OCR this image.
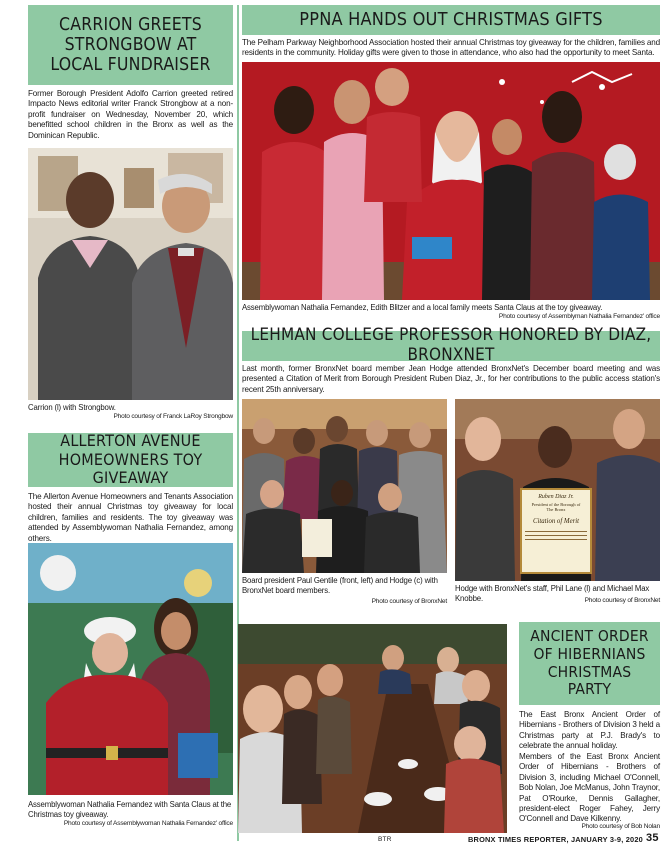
CARRION GREETS STRONGBOW AT LOCAL FUNDRAISER
Former Borough President Adolfo Carrion greeted retired Impacto News editorial writer Franck Strongbow at a non-profit fundraiser on Wednesday, November 20, which benefitted school children in the Bronx as well as the Dominican Republic.
Carrion (l) with Strongbow.
Photo courtesy of Franck LaRoy Strongbow
ALLERTON AVENUE HOMEOWNERS TOY GIVEAWAY
The Allerton Avenue Homeowners and Tenants Association hosted their annual Christmas toy giveaway for local children, families and residents. The toy giveaway was attended by Assemblywoman Nathalia Fernandez, among others.
Assemblywoman Nathalia Fernandez with Santa Claus at the Christmas toy giveaway.
Photo courtesy of Assemblywoman Nathalia Fernandez' office
PPNA HANDS OUT CHRISTMAS GIFTS
The Pelham Parkway Neighborhood Association hosted their annual Christmas toy giveaway for the children, families and residents in the community. Holiday gifts were given to those in attendance, who also had the opportunity to meet Santa.
Assemblywoman Nathalia Fernandez, Edith Blitzer and a local family meets Santa Claus at the toy giveaway.
Photo courtesy of Assemblyman Nathalia Fernandez' office
LEHMAN COLLEGE PROFESSOR HONORED BY DIAZ, BRONXNET
Last month, former BronxNet board member Jean Hodge attended BronxNet's December board meeting and was presented a Citation of Merit from Borough President Ruben Diaz, Jr., for her contributions to the public access station's recent 25th anniversary.
Ruben Diaz Jr.
President of the Borough of
The Bronx
Citation of Merit
Board president Paul Gentile (front, left) and Hodge (c) with BronxNet board members.
Photo courtesy of BronxNet
Hodge with BronxNet's staff, Phil Lane (l) and Michael Max Knobbe.	Photo courtesy of BronxNet
ANCIENT ORDER OF HIBERNIANS CHRISTMAS PARTY
The East Bronx Ancient Order of Hibernians - Brothers of Division 3 held a Christmas party at P.J. Brady's to celebrate the annual holiday.
Members of the East Bronx Ancient Order of Hibernians - Brothers of Division 3, including Michael O'Connell, Bob Nolan, Joe McManus, John Traynor, Pat O'Rourke, Dennis Gallagher, president-elect Roger Fahey, Jerry O'Connell and Dave Kilkenny.
Photo courtesy of Bob Nolan
BTR	BRONX TIMES REPORTER, JANUARY 3-9, 2020 35
